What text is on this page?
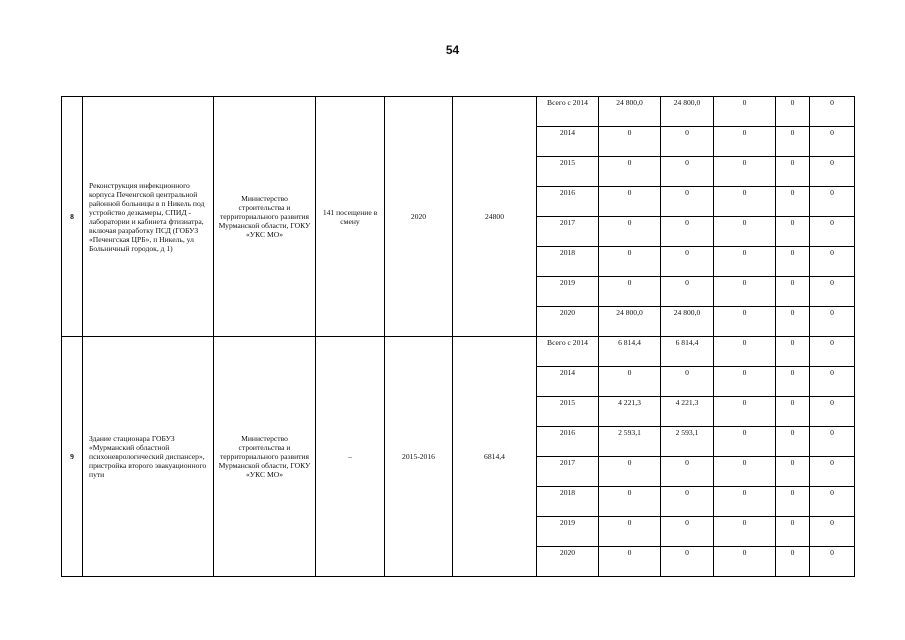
54
8	Реконструкция инфекционного корпуса Печенгской центральной районной больницы в п Никель под устройство дезкамеры, СПИД - лаборатории и кабинета фтизиатра, включая разработку ПСД (ГОБУЗ «Печенгская ЦРБ», п Никель, ул Больничный городок, д 1)	Министерство строительства и территориального развития Мурманской области, ГОКУ «УКС МО»	141 посещение в смену	2020	24800	Всего с 2014	24 800,0	24 800,0	0	0	0
						2014	0	0	0	0	0
						2015	0	0	0	0	0
						2016	0	0	0	0	0
						2017	0	0	0	0	0
						2018	0	0	0	0	0
						2019	0	0	0	0	0
						2020	24 800,0	24 800,0	0	0	0
9	Здание стационара ГОБУЗ «Мурманский областной психоневрологический диспансер», пристройка второго эвакуационного пути	Министерство строительства и территориального развития Мурманской области, ГОКУ «УКС МО»	–	2015-2016	6814,4	Всего с 2014	6 814,4	6 814,4	0	0	0
						2014	0	0	0	0	0
						2015	4 221,3	4 221,3	0	0	0
						2016	2 593,1	2 593,1	0	0	0
						2017	0	0	0	0	0
						2018	0	0	0	0	0
						2019	0	0	0	0	0
						2020	0	0	0	0	0
